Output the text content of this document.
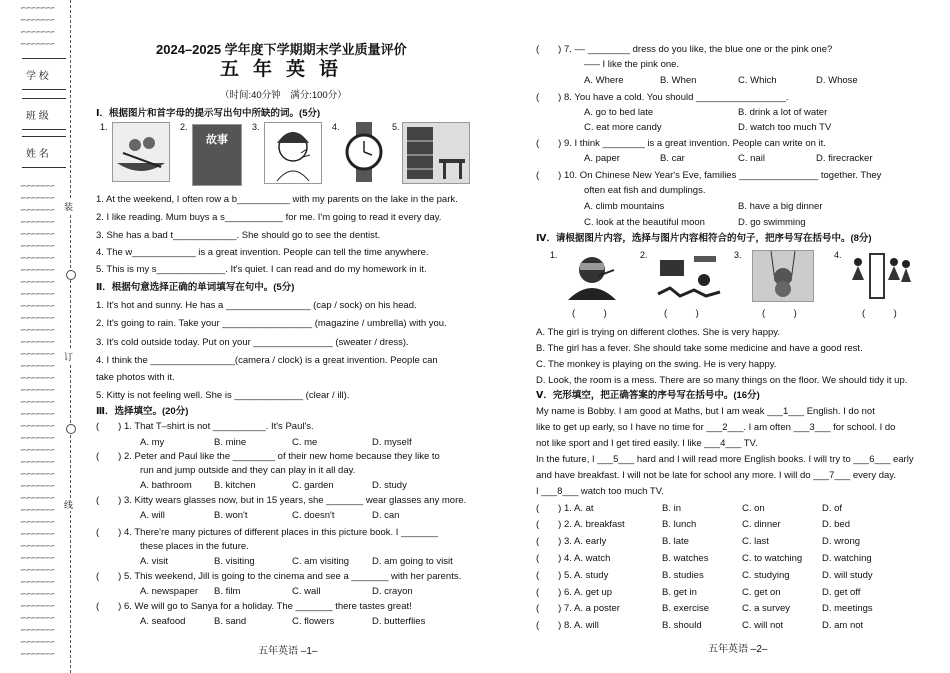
∽∽∽∽∽∽∽
∽∽∽∽∽∽∽
∽∽∽∽∽∽∽
∽∽∽∽∽∽∽
学 校
班 级
姓 名
∽∽∽∽∽∽∽
∽∽∽∽∽∽∽
∽∽∽∽∽∽∽
∽∽∽∽∽∽∽
∽∽∽∽∽∽∽
∽∽∽∽∽∽∽
∽∽∽∽∽∽∽
∽∽∽∽∽∽∽
∽∽∽∽∽∽∽
∽∽∽∽∽∽∽
∽∽∽∽∽∽∽
∽∽∽∽∽∽∽
∽∽∽∽∽∽∽
∽∽∽∽∽∽∽
∽∽∽∽∽∽∽
∽∽∽∽∽∽∽
∽∽∽∽∽∽∽
∽∽∽∽∽∽∽
∽∽∽∽∽∽∽
∽∽∽∽∽∽∽
∽∽∽∽∽∽∽
∽∽∽∽∽∽∽
∽∽∽∽∽∽∽
∽∽∽∽∽∽∽
∽∽∽∽∽∽∽
∽∽∽∽∽∽∽
∽∽∽∽∽∽∽
∽∽∽∽∽∽∽
∽∽∽∽∽∽∽
∽∽∽∽∽∽∽
∽∽∽∽∽∽∽
∽∽∽∽∽∽∽
∽∽∽∽∽∽∽
∽∽∽∽∽∽∽
∽∽∽∽∽∽∽
∽∽∽∽∽∽∽
∽∽∽∽∽∽∽
∽∽∽∽∽∽∽
∽∽∽∽∽∽∽
∽∽∽∽∽∽∽
装
订
线
2024–2025 学年度下学期期末学业质量评价
五年英语
（时间:40分钟　满分:100分）
Ⅰ．根据图片和首字母的提示写出句中所缺的词。(5分)
1.	2.
故事
3.	4.	5.
1. At the weekend, I often row a b__________ with my parents on the lake in the park.
2. I like reading. Mum buys a s___________ for me. I'm going to read it every day.
3. She has a bad t____________. She should go to see the dentist.
4. The w____________ is a great invention. People can tell the time anywhere.
5. This is my s_____________. It's quiet. I can read and do my homework in it.
Ⅱ．根据句意选择正确的单词填写在句中。(5分)
1. It's hot and sunny. He has a ________________ (cap / sock) on his head.
2. It's going to rain. Take your _________________ (magazine / umbrella) with you.
3. It's cold outside today. Put on your _______________ (sweater / dress).
4. I think the ________________(camera / clock) is a great invention. People can
take photos with it.
5. Kitty is not feeling well. She is _____________ (clear / ill).
Ⅲ．选择填空。(20分)
(　　) 1. That T–shirt is not __________. It's Paul's.
A. my	B. mine	C. me	D. myself
(　　) 2. Peter and Paul like the ________ of their new home because they like to
run and jump outside and they can play in it all day.
A. bathroom B. kitchen	C. garden	D. study
(　　) 3. Kitty wears glasses now, but in 15 years, she _______ wear glasses any more.
A. will	B. won't	C. doesn't	D. can
(　　) 4. There're many pictures of different places in this picture book. I _______
these places in the future.
A. visit	B. visiting	C. am visiting D. am going to visit
(　　) 5. This weekend, Jill is going to the cinema and see a _______ with her parents.
A. newspaper B. film	C. wall	D. crayon
(　　) 6. We will go to Sanya for a holiday. The _______ there tastes great!
A. seafood	B. sand	C. flowers	D. butterflies
五年英语 –1–
(　　) 7. –– ________ dress do you like, the blue one or the pink one?
––– I like the pink one.
A. Where	B. When	C. Which	D. Whose
(　　) 8. You have a cold. You should _________________.
A. go to bed late	B. drink a lot of water
C. eat more candy	D. watch too much TV
(　　) 9. I think ________ is a great invention. People can write on it.
A. paper	B. car	C. nail	D. firecracker
(　　) 10. On Chinese New Year's Eve, families _______________ together. They
often eat fish and dumplings.
A. climb mountains	B. have a big dinner
C. look at the beautiful moon	D. go swimming
Ⅳ．请根据图片内容，选择与图片内容相符合的句子，把序号写在括号中。(8分)
1.	2.	3.	4.
(　　　)	(　　　)	(　　　)	(　　　)
A. The girl is trying on different clothes. She is very happy.
B. The girl has a fever. She should take some medicine and have a good rest.
C. The monkey is playing on the swing. He is very happy.
D. Look, the room is a mess. There are so many things on the floor. We should tidy it up.
Ⅴ．完形填空，把正确答案的序号写在括号中。(16分)
My name is Bobby. I am good at Maths, but I am weak ___1___ English. I do not
like to get up early, so I have no time for ___2___. I am often ___3___ for school. I do
not like sport and I get tired easily. I like ___4___ TV.
In the future, I ___5___ hard and I will read more English books. I will try to ___6___ early
and have breakfast. I will not be late for school any more. I will do ___7___ every day.
I ___8___ watch too much TV.
(　　) 1. A. at	B. in	C. on	D. of
(　　) 2. A. breakfast	B. lunch	C. dinner	D. bed
(　　) 3. A. early	B. late	C. last	D. wrong
(　　) 4. A. watch	B. watches	C. to watching D. watching
(　　) 5. A. study	B. studies	C. studying	D. will study
(　　) 6. A. get up	B. get in	C. get on	D. get off
(　　) 7. A. a poster	B. exercise	C. a survey	D. meetings
(　　) 8. A. will	B. should	C. will not	D. am not
五年英语 –2–
